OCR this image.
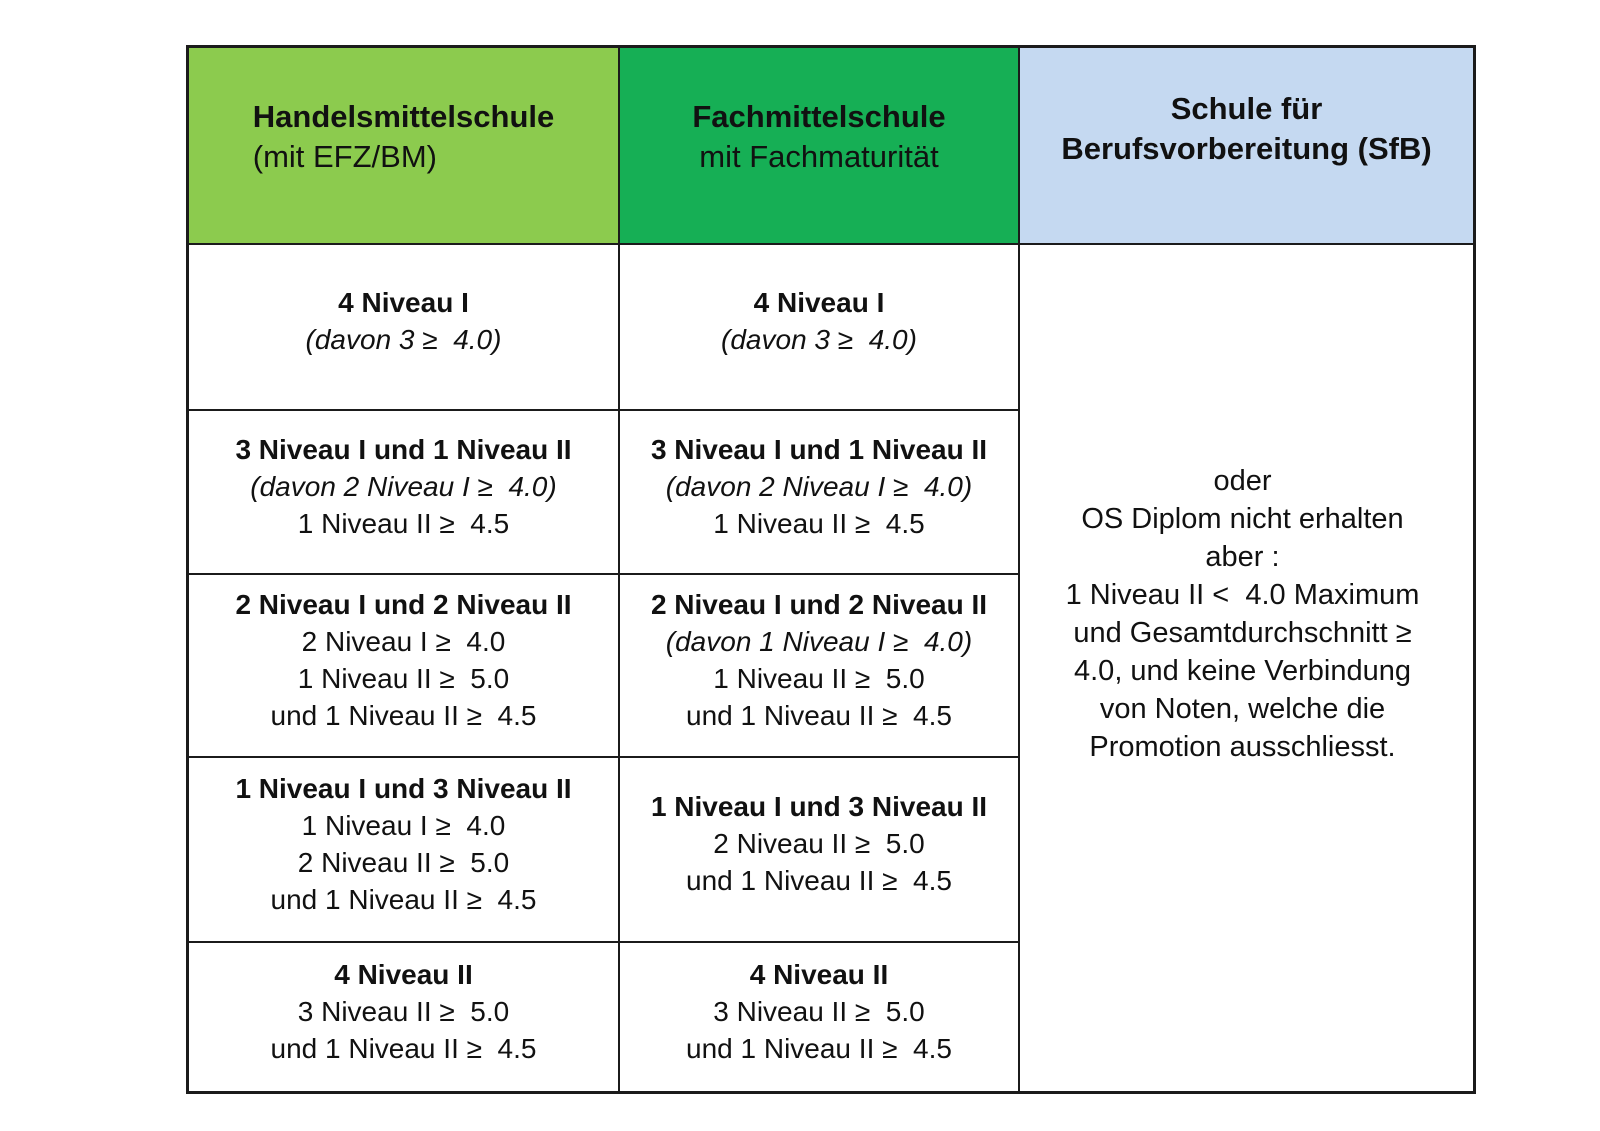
Handelsmittelschule
(mit EFZ/BM)
Fachmittelschule
mit Fachmaturität
Schule für
Berufsvorbereitung (SfB)
4 Niveau I
(davon 3 ≥  4.0)
4 Niveau I
(davon 3 ≥  4.0)
oder
OS Diplom nicht erhalten
aber :
1 Niveau II <  4.0 Maximum
und Gesamtdurchschnitt ≥
4.0, und keine Verbindung
von Noten, welche die
Promotion ausschliesst.
3 Niveau I und 1 Niveau II
(davon 2 Niveau I ≥  4.0)
1 Niveau II ≥  4.5
3 Niveau I und 1 Niveau II
(davon 2 Niveau I ≥  4.0)
1 Niveau II ≥  4.5
2 Niveau I und 2 Niveau II
2 Niveau I ≥  4.0
1 Niveau II ≥  5.0
und 1 Niveau II ≥  4.5
2 Niveau I und 2 Niveau II
(davon 1 Niveau I ≥  4.0)
1 Niveau II ≥  5.0
und 1 Niveau II ≥  4.5
1 Niveau I und 3 Niveau II
1 Niveau I ≥  4.0
2 Niveau II ≥  5.0
und 1 Niveau II ≥  4.5
1 Niveau I und 3 Niveau II
2 Niveau II ≥  5.0
und 1 Niveau II ≥  4.5
4 Niveau II
3 Niveau II ≥  5.0
und 1 Niveau II ≥  4.5
4 Niveau II
3 Niveau II ≥  5.0
und 1 Niveau II ≥  4.5
